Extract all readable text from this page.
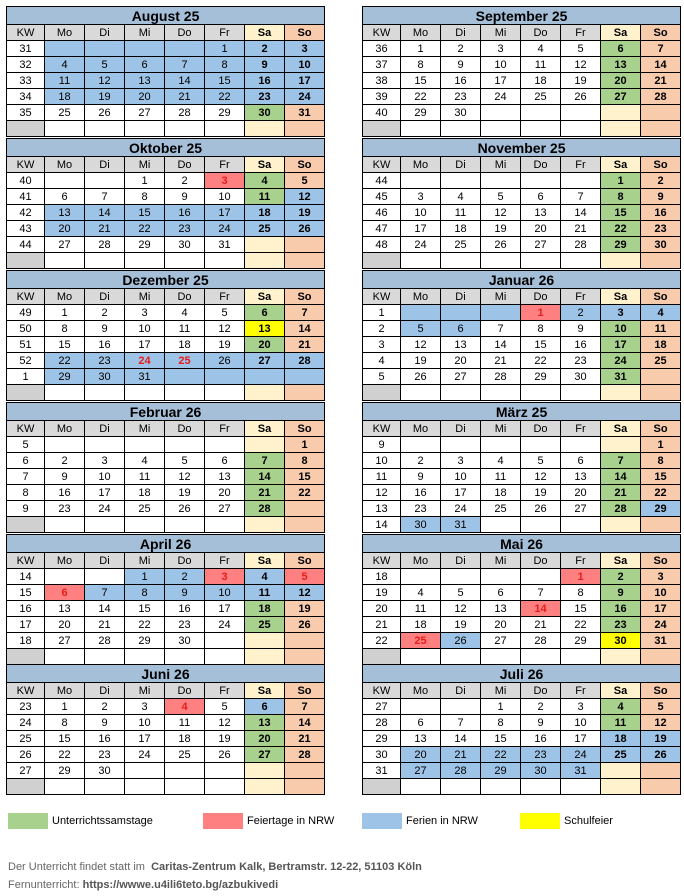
August 25							
KW	Mo	Di	Mi	Do	Fr	Sa	So
31					1	2	3
32	4	5	6	7	8	9	10
33	11	12	13	14	15	16	17
34	18	19	20	21	22	23	24
35	25	26	27	28	29	30	31

September 25							
KW	Mo	Di	Mi	Do	Fr	Sa	So
36	1	2	3	4	5	6	7
37	8	9	10	11	12	13	14
38	15	16	17	18	19	20	21
39	22	23	24	25	26	27	28
40	29	30					

Oktober 25							
KW	Mo	Di	Mi	Do	Fr	Sa	So
40			1	2	3	4	5
41	6	7	8	9	10	11	12
42	13	14	15	16	17	18	19
43	20	21	22	23	24	25	26
44	27	28	29	30	31		

November 25							
KW	Mo	Di	Mi	Do	Fr	Sa	So
44						1	2
45	3	4	5	6	7	8	9
46	10	11	12	13	14	15	16
47	17	18	19	20	21	22	23
48	24	25	26	27	28	29	30

Dezember 25							
KW	Mo	Di	Mi	Do	Fr	Sa	So
49	1	2	3	4	5	6	7
50	8	9	10	11	12	13	14
51	15	16	17	18	19	20	21
52	22	23	24	25	26	27	28
1	29	30	31				

Januar 26							
KW	Mo	Di	Mi	Do	Fr	Sa	So
1				1	2	3	4
2	5	6	7	8	9	10	11
3	12	13	14	15	16	17	18
4	19	20	21	22	23	24	25
5	26	27	28	29	30	31	

Februar 26							
KW	Mo	Di	Mi	Do	Fr	Sa	So
5							1
6	2	3	4	5	6	7	8
7	9	10	11	12	13	14	15
8	16	17	18	19	20	21	22
9	23	24	25	26	27	28	

März 25							
KW	Mo	Di	Mi	Do	Fr	Sa	So
9							1
10	2	3	4	5	6	7	8
11	9	10	11	12	13	14	15
12	16	17	18	19	20	21	22
13	23	24	25	26	27	28	29
14	30	31					
April 26							
KW	Mo	Di	Mi	Do	Fr	Sa	So
14			1	2	3	4	5
15	6	7	8	9	10	11	12
16	13	14	15	16	17	18	19
17	20	21	22	23	24	25	26
18	27	28	29	30			

Mai 26							
KW	Mo	Di	Mi	Do	Fr	Sa	So
18					1	2	3
19	4	5	6	7	8	9	10
20	11	12	13	14	15	16	17
21	18	19	20	21	22	23	24
22	25	26	27	28	29	30	31

Juni 26							
KW	Mo	Di	Mi	Do	Fr	Sa	So
23	1	2	3	4	5	6	7
24	8	9	10	11	12	13	14
25	15	16	17	18	19	20	21
26	22	23	24	25	26	27	28
27	29	30					

Juli 26							
KW	Mo	Di	Mi	Do	Fr	Sa	So
27			1	2	3	4	5
28	6	7	8	9	10	11	12
29	13	14	15	16	17	18	19
30	20	21	22	23	24	25	26
31	27	28	29	30	31		

Unterrichtssamstage	Feiertage in NRW	Ferien in NRW	Schulfeier
Der Unterricht findet statt im Caritas-Zentrum Kalk, Bertramstr. 12-22, 51103 Köln
Fernunterricht: https://wwwe.u4ili6teto.bg/azbukivedi
